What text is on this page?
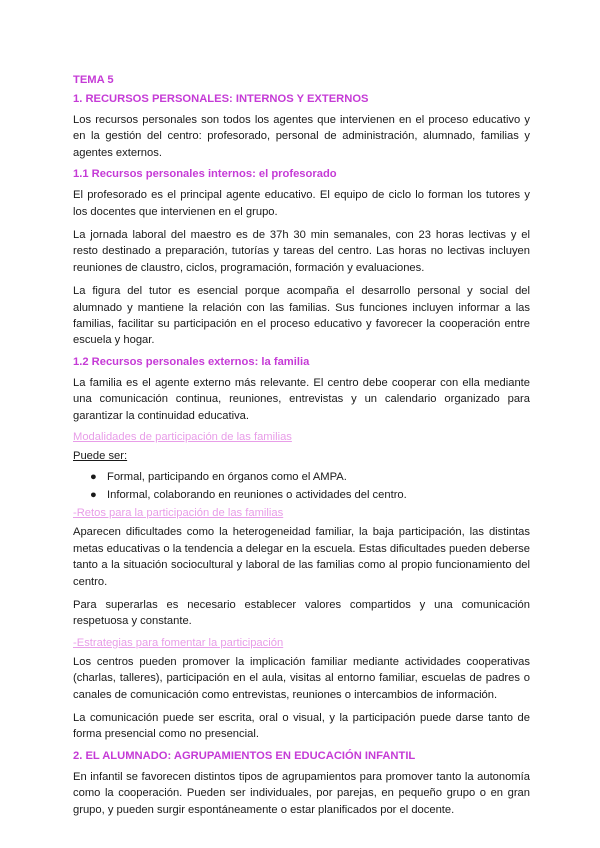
TEMA 5
1. RECURSOS PERSONALES: INTERNOS Y EXTERNOS

Los recursos personales son todos los agentes que intervienen en el proceso educativo y en la gestión del centro: profesorado, personal de administración, alumnado, familias y agentes externos.

1.1 Recursos personales internos: el profesorado

El profesorado es el principal agente educativo. El equipo de ciclo lo forman los tutores y los docentes que intervienen en el grupo.

La jornada laboral del maestro es de 37h 30 min semanales, con 23 horas lectivas y el resto destinado a preparación, tutorías y tareas del centro. Las horas no lectivas incluyen reuniones de claustro, ciclos, programación, formación y evaluaciones.

La figura del tutor es esencial porque acompaña el desarrollo personal y social del alumnado y mantiene la relación con las familias. Sus funciones incluyen informar a las familias, facilitar su participación en el proceso educativo y favorecer la cooperación entre escuela y hogar.

1.2 Recursos personales externos: la familia

La familia es el agente externo más relevante. El centro debe cooperar con ella mediante una comunicación continua, reuniones, entrevistas y un calendario organizado para garantizar la continuidad educativa.

Modalidades de participación de las familias

Puede ser:

● Formal, participando en órganos como el AMPA.
● Informal, colaborando en reuniones o actividades del centro.
-Retos para la participación de las familias

Aparecen dificultades como la heterogeneidad familiar, la baja participación, las distintas metas educativas o la tendencia a delegar en la escuela. Estas dificultades pueden deberse tanto a la situación sociocultural y laboral de las familias como al propio funcionamiento del centro.

Para superarlas es necesario establecer valores compartidos y una comunicación respetuosa y constante.

-Estrategias para fomentar la participación

Los centros pueden promover la implicación familiar mediante actividades cooperativas (charlas, talleres), participación en el aula, visitas al entorno familiar, escuelas de padres o canales de comunicación como entrevistas, reuniones o intercambios de información.

La comunicación puede ser escrita, oral o visual, y la participación puede darse tanto de forma presencial como no presencial.

2. EL ALUMNADO: AGRUPAMIENTOS EN EDUCACIÓN INFANTIL

En infantil se favorecen distintos tipos de agrupamientos para promover tanto la autonomía como la cooperación. Pueden ser individuales, por parejas, en pequeño grupo o en gran grupo, y pueden surgir espontáneamente o estar planificados por el docente.
